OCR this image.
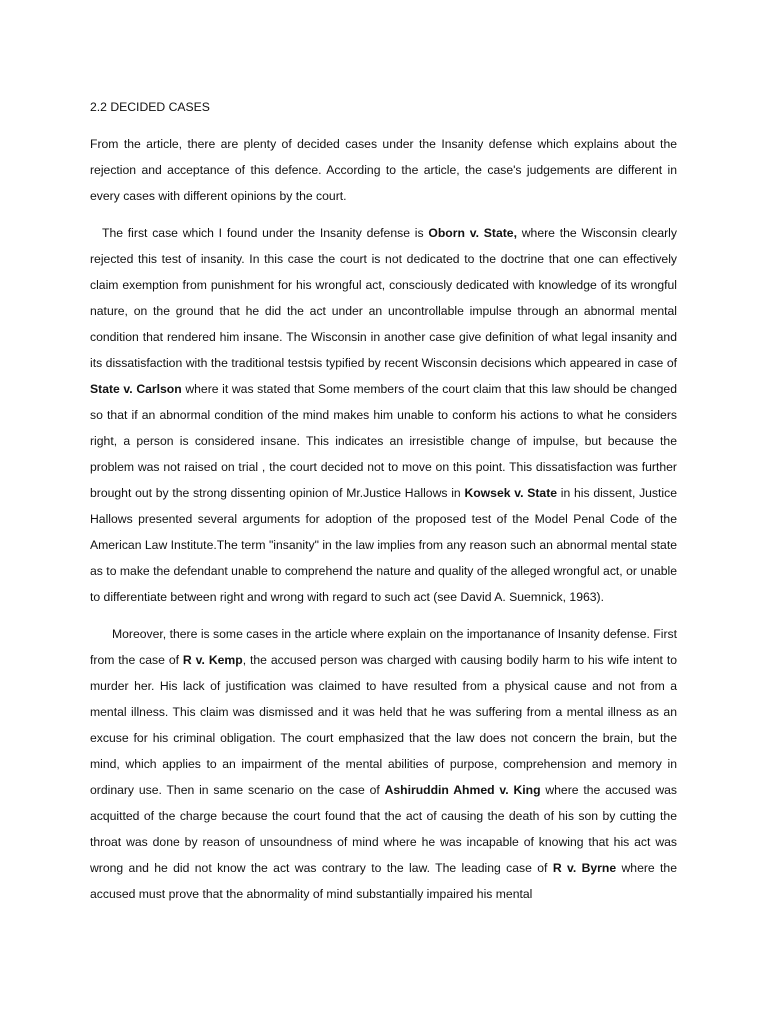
2.2 DECIDED CASES

From the article, there are plenty of decided cases under the Insanity defense which explains about the rejection and acceptance of this defence. According to the article, the case's judgements are different in every cases with different opinions by the court.

The first case which I found under the Insanity defense is Oborn v. State, where the Wisconsin clearly rejected this test of insanity. In this case the court is not dedicated to the doctrine that one can effectively claim exemption from punishment for his wrongful act, consciously dedicated with knowledge of its wrongful nature, on the ground that he did the act under an uncontrollable impulse through an abnormal mental condition that rendered him insane. The Wisconsin in another case give definition of what legal insanity and its dissatisfaction with the traditional testsis typified by recent Wisconsin decisions which appeared in case of State v. Carlson where it was stated that Some members of the court claim that this law should be changed so that if an abnormal condition of the mind makes him unable to conform his actions to what he considers right, a person is considered insane. This indicates an irresistible change of impulse, but because the problem was not raised on trial , the court decided not to move on this point. This dissatisfaction was further brought out by the strong dissenting opinion of Mr.Justice Hallows in Kowsek v. State in his dissent, Justice Hallows presented several arguments for adoption of the proposed test of the Model Penal Code of the American Law Institute.The term "insanity" in the law implies from any reason such an abnormal mental state as to make the defendant unable to comprehend the nature and quality of the alleged wrongful act, or unable to differentiate between right and wrong with regard to such act (see David A. Suemnick, 1963).

Moreover, there is some cases in the article where explain on the importanance of Insanity defense. First from the case of R v. Kemp, the accused person was charged with causing bodily harm to his wife intent to murder her. His lack of justification was claimed to have resulted from a physical cause and not from a mental illness. This claim was dismissed and it was held that he was suffering from a mental illness as an excuse for his criminal obligation. The court emphasized that the law does not concern the brain, but the mind, which applies to an impairment of the mental abilities of purpose, comprehension and memory in ordinary use. Then in same scenario on the case of Ashiruddin Ahmed v. King where the accused was acquitted of the charge because the court found that the act of causing the death of his son by cutting the throat was done by reason of unsoundness of mind where he was incapable of knowing that his act was wrong and he did not know the act was contrary to the law. The leading case of R v. Byrne where the accused must prove that the abnormality of mind substantially impaired his mental
